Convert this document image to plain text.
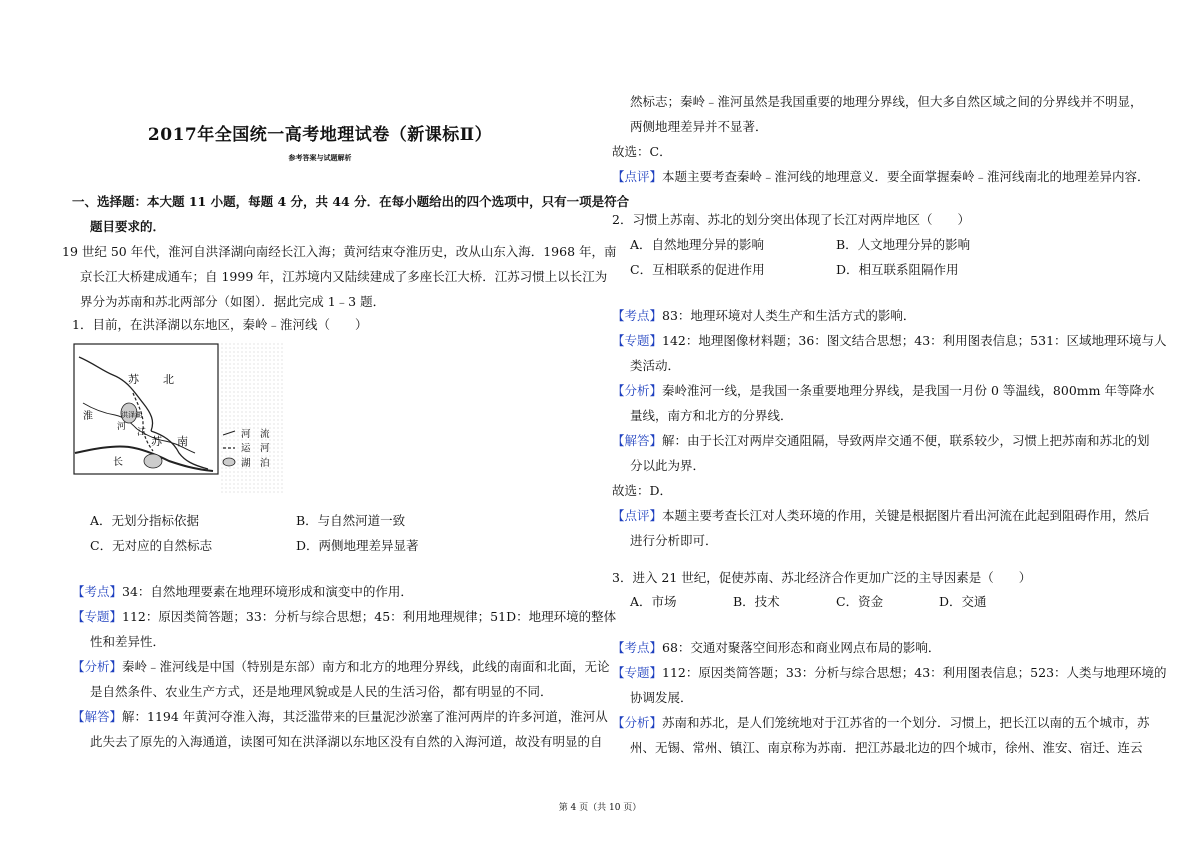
2017年全国统一高考地理试卷（新课标Ⅱ）
参考答案与试题解析
一、选择题：本大题 11 小题，每题 4 分，共 44 分．在每小题给出的四个选项中，只有一项是符合
题目要求的．
19 世纪 50 年代，淮河自洪泽湖向南经长江入海；黄河结束夺淮历史，改从山东入海．1968 年，南
京长江大桥建成通车；自 1999 年，江苏境内又陆续建成了多座长江大桥．江苏习惯上以长江为
界分为苏南和苏北两部分（如图）．据此完成 1﹣3 题．
1．目前，在洪泽湖以东地区，秦岭﹣淮河线（　　）
A．无划分指标依据	B．与自然河道一致
C．无对应的自然标志	D．两侧地理差异显著
【考点】34：自然地理要素在地理环境形成和演变中的作用．
【专题】112：原因类简答题；33：分析与综合思想；45：利用地理规律；51D：地理环境的整体
性和差异性．
【分析】秦岭﹣淮河线是中国（特别是东部）南方和北方的地理分界线，此线的南面和北面，无论
是自然条件、农业生产方式，还是地理风貌或是人民的生活习俗，都有明显的不同．
【解答】解：1194 年黄河夺淮入海，其泛滥带来的巨量泥沙淤塞了淮河两岸的许多河道，淮河从
此失去了原先的入海通道，读图可知在洪泽湖以东地区没有自然的入海河道，故没有明显的自
苏 北
洪泽湖
淮
河
江
苏 南
长
河　流
运　河
湖　泊
然标志；秦岭﹣淮河虽然是我国重要的地理分界线，但大多自然区域之间的分界线并不明显，
两侧地理差异并不显著．
故选：C．
【点评】本题主要考查秦岭﹣淮河线的地理意义．要全面掌握秦岭﹣淮河线南北的地理差异内容．
2．习惯上苏南、苏北的划分突出体现了长江对两岸地区（　　）
A．自然地理分异的影响	B．人文地理分异的影响
C．互相联系的促进作用	D．相互联系阻隔作用
【考点】83：地理环境对人类生产和生活方式的影响．
【专题】142：地理图像材料题；36：图文结合思想；43：利用图表信息；531：区域地理环境与人
类活动．
【分析】秦岭淮河一线，是我国一条重要地理分界线，是我国一月份 0 等温线，800mm 年等降水
量线，南方和北方的分界线．
【解答】解：由于长江对两岸交通阻隔，导致两岸交通不便，联系较少，习惯上把苏南和苏北的划
分以此为界．
故选：D．
【点评】本题主要考查长江对人类环境的作用，关键是根据图片看出河流在此起到阻碍作用，然后
进行分析即可．
3．进入 21 世纪，促使苏南、苏北经济合作更加广泛的主导因素是（　　）
A．市场	B．技术	C．资金	D．交通
【考点】68：交通对聚落空间形态和商业网点布局的影响．
【专题】112：原因类简答题；33：分析与综合思想；43：利用图表信息；523：人类与地理环境的
协调发展．
【分析】苏南和苏北，是人们笼统地对于江苏省的一个划分．习惯上，把长江以南的五个城市，苏
州、无锡、常州、镇江、南京称为苏南．把江苏最北边的四个城市，徐州、淮安、宿迁、连云
第 4 页（共 10 页）
